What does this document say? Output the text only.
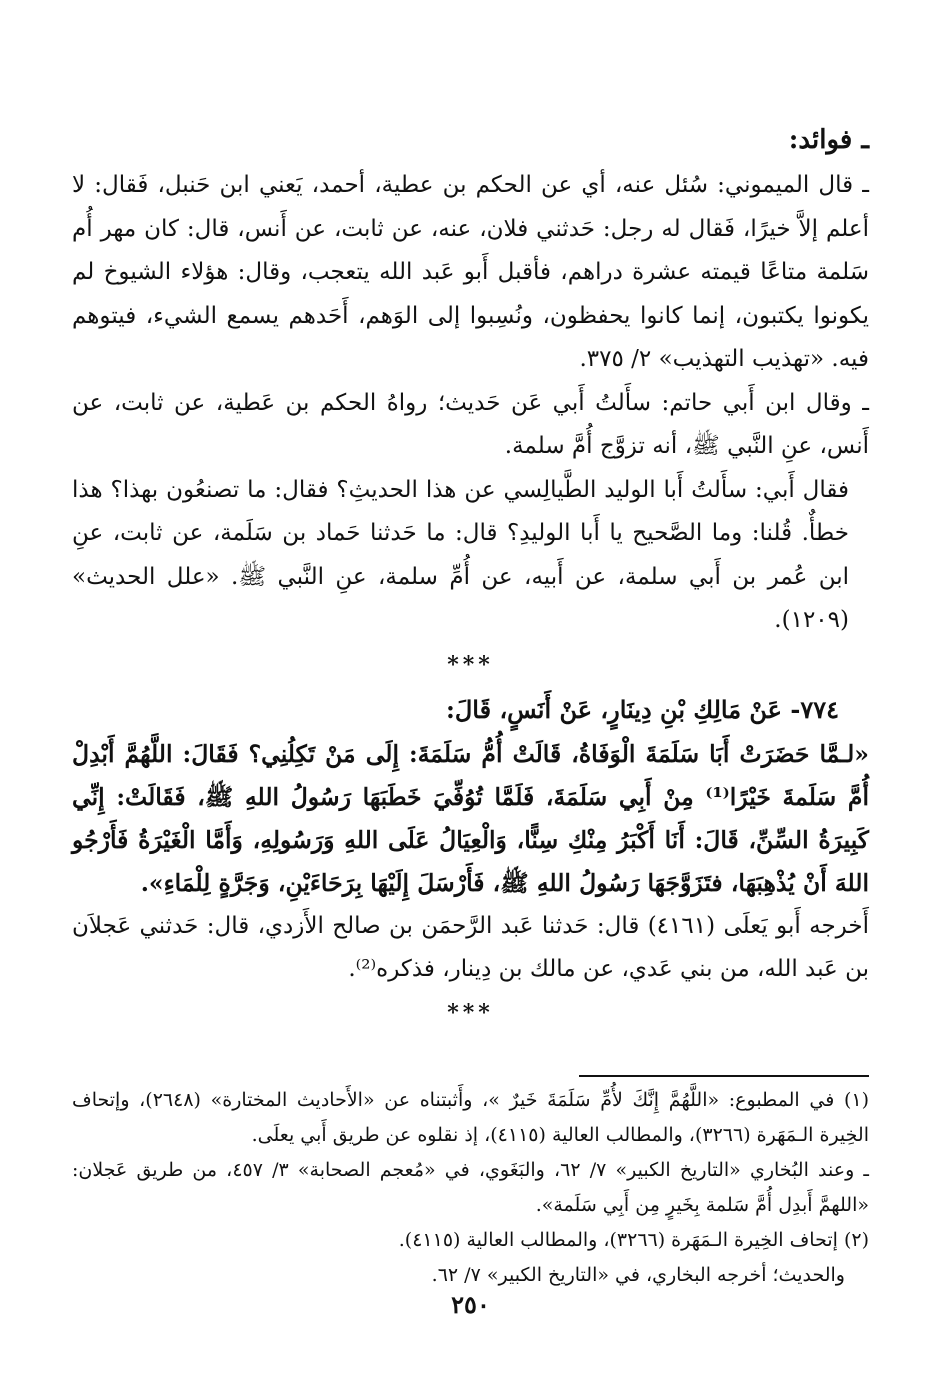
ـ فوائد:

ـ قال الميموني: سُئل عنه، أي عن الحكم بن عطية، أحمد، يَعني ابن حَنبل، فَقال: لا أعلم إلاَّ خيرًا، فَقال له رجل: حَدثني فلان، عنه، عن ثابت، عن أَنس، قال: كان مهر أُم سَلمة متاعًا قيمته عشرة دراهم، فأقبل أَبو عَبد الله يتعجب، وقال: هؤلاء الشيوخ لم يكونوا يكتبون، إنما كانوا يحفظون، ونُسِبوا إلى الوَهم، أَحَدهم يسمع الشيء، فيتوهم فيه. «تهذيب التهذيب» ٢/ ٣٧٥.

ـ وقال ابن أَبي حاتم: سأَلتُ أَبي عَن حَديث؛ رواهُ الحكم بن عَطية، عن ثابت، عن أَنس، عنِ النَّبي ﷺ، أنه تزوَّج أُمَّ سلمة.

فقال أَبي: سأَلتُ أَبا الوليد الطَّيالِسي عن هذا الحديثِ؟ فقال: ما تصنعُون بهذا؟ هذا خطأٌ. قُلنا: وما الصَّحيح يا أَبا الوليدِ؟ قال: ما حَدثنا حَماد بن سَلَمة، عن ثابت، عنِ ابن عُمر بن أَبي سلمة، عن أَبيه، عن أُمِّ سلمة، عنِ النَّبي ﷺ. «علل الحديث» (١٢٠٩).

***
٧٧٤- عَنْ مَالِكِ بْنِ دِينَارٍ، عَنْ أَنَسٍ، قَالَ:

«لـمَّا حَضَرَتْ أَبَا سَلَمَةَ الْوَفَاةُ، قَالَتْ أُمُّ سَلَمَةَ: إِلَى مَنْ تَكِلُنِي؟ فَقَالَ: اللَّهُمَّ أَبْدِلْ أُمَّ سَلَمةَ خَيْرًا⁽¹⁾ مِنْ أَبِي سَلَمَةَ، فَلَمَّا تُوُفِّيَ خَطَبَهَا رَسُولُ اللهِ ﷺ، فَقَالَتْ: إِنِّي كَبِيرَةُ السِّنِّ، قَالَ: أَنَا أَكْبَرُ مِنْكِ سِنًّا، وَالْعِيَالُ عَلَى اللهِ وَرَسُولِهِ، وَأَمَّا الْغَيْرَةُ فَأَرْجُو اللهَ أَنْ يُذْهِبَهَا، فتَزَوَّجَهَا رَسُولُ اللهِ ﷺ، فَأَرْسَلَ إِلَيْهَا بِرَحَاءَيْنِ، وَجَرَّةٍ لِلْمَاءِ».

أَخرجه أَبو يَعلَى (٤١٦١) قال: حَدثنا عَبد الرَّحمَن بن صالح الأَزدي، قال: حَدثني عَجلاَن بن عَبد الله، من بني عَدي، عن مالك بن دِينار، فذكره⁽²⁾.

***

(١) في المطبوع: «اللَّهُمَّ إِنَّكَ لأُمِّ سَلَمَةَ خَيرٌ »، وأَثبتناه عن «الأَحاديث المختارة» (٢٦٤٨)، وإتحاف الخِيرة الـمَهَرة (٣٢٦٦)، والمطالب العالية (٤١١٥)، إذ نقلوه عن طريق أَبي يعلَى.

ـ وعند البُخاري «التاريخ الكبير» ٧/ ٦٢، والبَغَوي، في «مُعجم الصحابة» ٣/ ٤٥٧، من طريق عَجلان: «اللهمَّ أَبدِل أُمَّ سَلمة بِخَيرٍ مِن أَبِي سَلَمة».

(٢) إتحاف الخِيرة الـمَهَرة (٣٢٦٦)، والمطالب العالية (٤١١٥).

والحديث؛ أخرجه البخاري، في «التاريخ الكبير» ٧/ ٦٢.

٢٥٠
